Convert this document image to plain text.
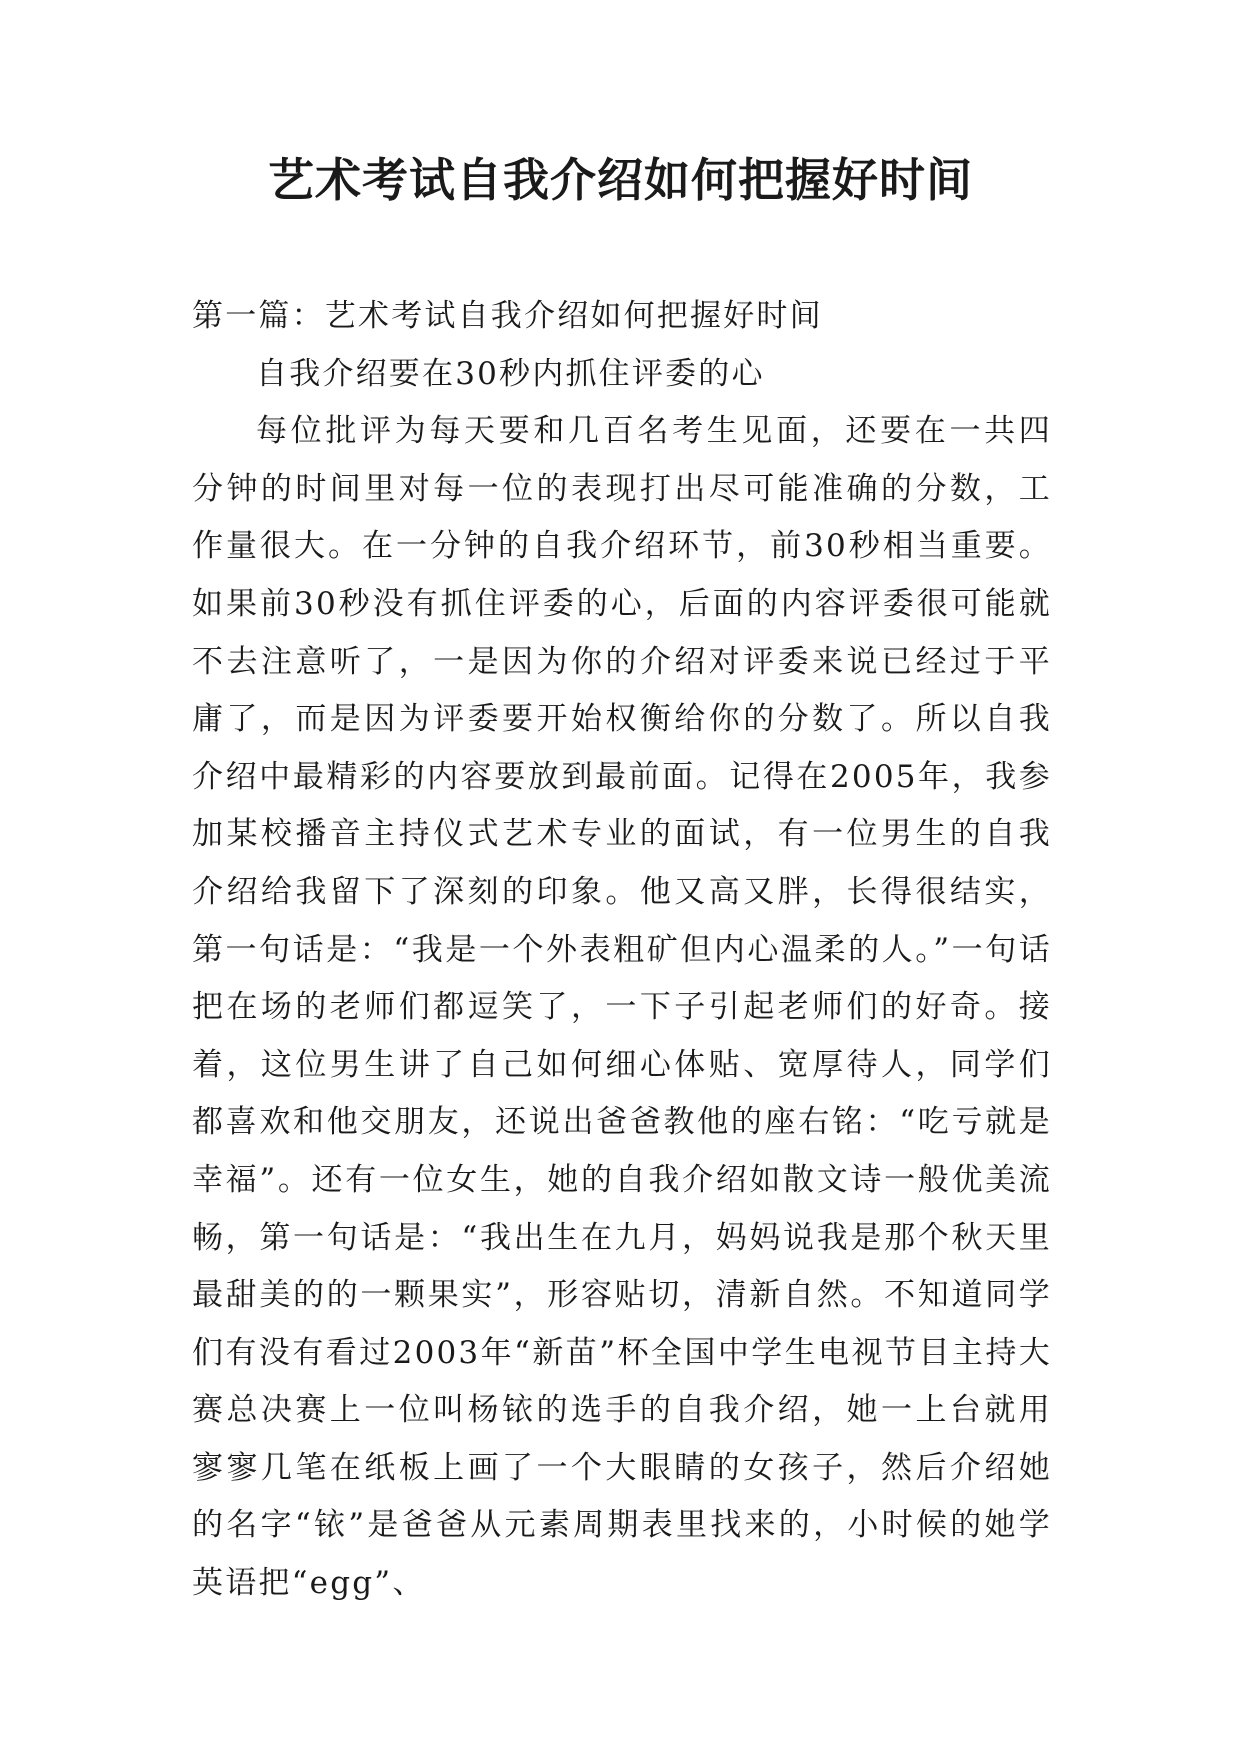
艺术考试自我介绍如何把握好时间

第一篇：艺术考试自我介绍如何把握好时间

自我介绍要在30秒内抓住评委的心

每位批评为每天要和几百名考生见面，还要在一共四分钟的时间里对每一位的表现打出尽可能准确的分数，工作量很大。在一分钟的自我介绍环节，前30秒相当重要。如果前30秒没有抓住评委的心，后面的内容评委很可能就不去注意听了，一是因为你的介绍对评委来说已经过于平庸了，而是因为评委要开始权衡给你的分数了。所以自我介绍中最精彩的内容要放到最前面。记得在2005年，我参加某校播音主持仪式艺术专业的面试，有一位男生的自我介绍给我留下了深刻的印象。他又高又胖，长得很结实，第一句话是：“我是一个外表粗矿但内心温柔的人。”一句话把在场的老师们都逗笑了，一下子引起老师们的好奇。接着，这位男生讲了自己如何细心体贴、宽厚待人，同学们都喜欢和他交朋友，还说出爸爸教他的座右铭：“吃亏就是幸福”。还有一位女生，她的自我介绍如散文诗一般优美流畅，第一句话是：“我出生在九月，妈妈说我是那个秋天里最甜美的的一颗果实”，形容贴切，清新自然。不知道同学们有没有看过2003年“新苗”杯全国中学生电视节目主持大赛总决赛上一位叫杨铱的选手的自我介绍，她一上台就用寥寥几笔在纸板上画了一个大眼睛的女孩子，然后介绍她的名字“铱”是爸爸从元素周期表里找来的，小时候的她学英语把“egg”、
